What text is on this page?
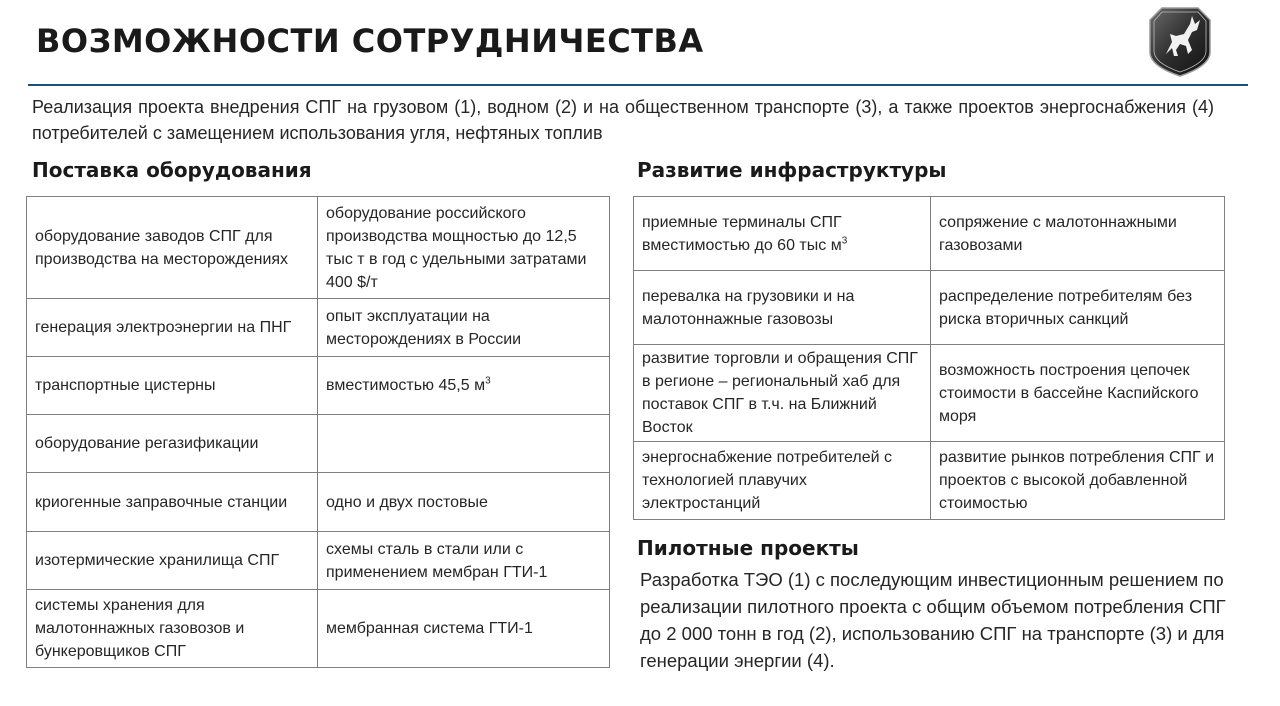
ВОЗМОЖНОСТИ СОТРУДНИЧЕСТВА

Реализация проекта внедрения СПГ на грузовом (1), водном (2) и на общественном транспорте (3), а также проектов энергоснабжения (4) потребителей с замещением использования угля, нефтяных топлив

Поставка оборудования
оборудование заводов СПГ для производства на месторождениях	оборудование российского производства мощностью до 12,5 тыс т в год с удельными затратами 400 $/т
генерация электроэнергии на ПНГ	опыт эксплуатации на месторождениях в России
транспортные цистерны	вместимостью 45,5 $м^3$
оборудование регазификации	
криогенные заправочные станции	одно и двух постовые
изотермические хранилища СПГ	схемы сталь в стали или с применением мембран ГТИ-1
системы хранения для малотоннажных газовозов и бункеровщиков СПГ	мембранная система ГТИ-1
Развитие инфраструктуры
приемные терминалы СПГ вместимостью до 60 тыс $м^3$	сопряжение с малотоннажными газовозами
перевалка на грузовики и на малотоннажные газовозы	распределение потребителям без риска вторичных санкций
развитие торговли и обращения СПГ в регионе – региональный хаб для поставок СПГ в т.ч. на Ближний Восток	возможность построения цепочек стоимости в бассейне Каспийского моря
энергоснабжение потребителей с технологией плавучих электростанций	развитие рынков потребления СПГ и проектов с высокой добавленной стоимостью
Пилотные проекты

Разработка ТЭО (1) с последующим инвестиционным решением по реализации пилотного проекта с общим объемом потребления СПГ до 2 000 тонн в год (2), использованию СПГ на транспорте (3) и для генерации энергии (4).
